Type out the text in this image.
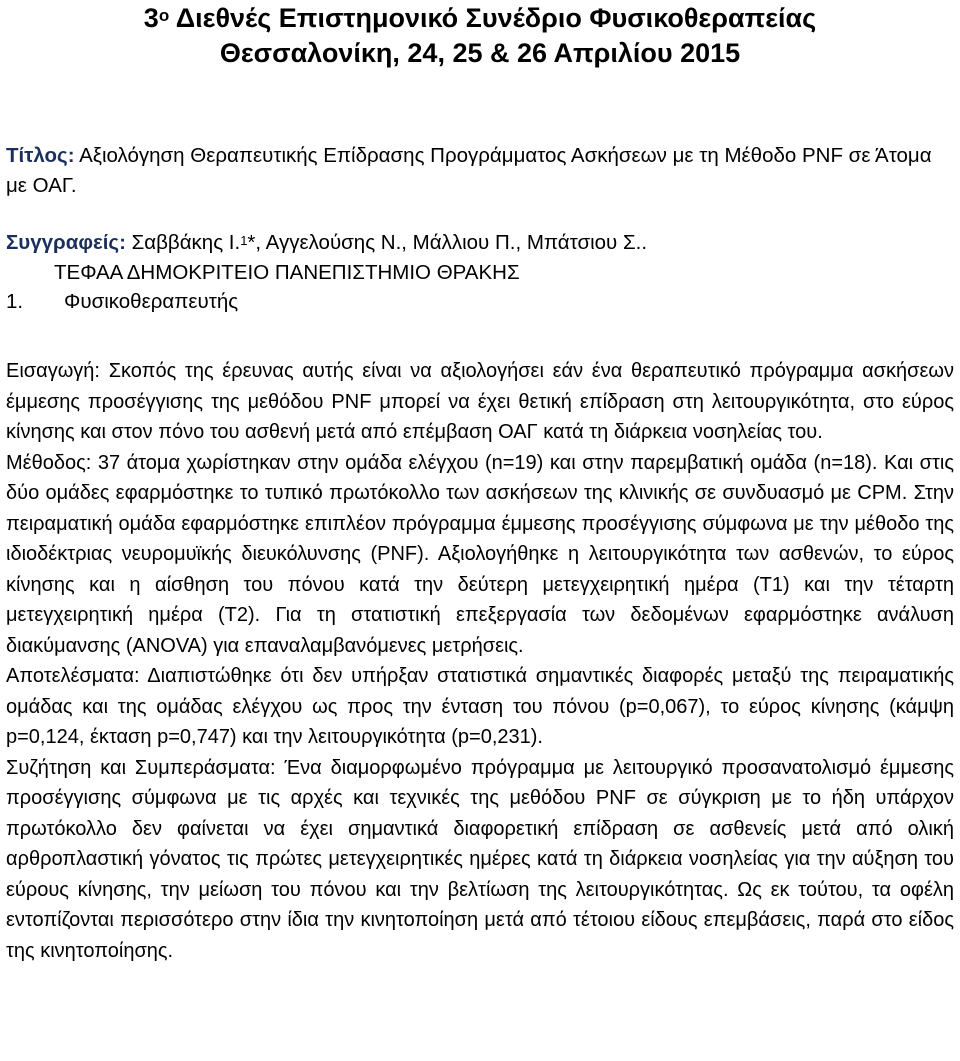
$3^o$ Διεθνές Επιστημονικό Συνέδριο Φυσικοθεραπείας
Θεσσαλονίκη, 24, 25 & 26 Απριλίου 2015
Τίτλος: Αξιολόγηση Θεραπευτικής Επίδρασης Προγράμματος Ασκήσεων με τη Μέθοδο PNF σε Άτομα με ΟΑΓ.
Συγγραφείς: Σαββάκης Ι.$^1$*, Αγγελούσης Ν., Μάλλιου Π., Μπάτσιου Σ..
ΤΕΦΑΑ ΔΗΜΟΚΡΙΤΕΙΟ ΠΑΝΕΠΙΣΤΗΜΙΟ ΘΡΑΚΗΣ
1. Φυσικοθεραπευτής

Εισαγωγή: Σκοπός της έρευνας αυτής είναι να αξιολογήσει εάν ένα θεραπευτικό πρόγραμμα ασκήσεων έμμεσης προσέγγισης της μεθόδου PNF μπορεί να έχει θετική επίδραση στη λειτουργικότητα, στο εύρος κίνησης και στον πόνο του ασθενή μετά από επέμβαση ΟΑΓ κατά τη διάρκεια νοσηλείας του.

Μέθοδος: 37 άτομα χωρίστηκαν στην ομάδα ελέγχου (n=19) και στην παρεμβατική ομάδα (n=18). Και στις δύο ομάδες εφαρμόστηκε το τυπικό πρωτόκολλο των ασκήσεων της κλινικής σε συνδυασμό με CPM. Στην πειραματική ομάδα εφαρμόστηκε επιπλέον πρόγραμμα έμμεσης προσέγγισης σύμφωνα με την μέθοδο της ιδιοδέκτριας νευρομυϊκής διευκόλυνσης (PNF). Αξιολογήθηκε η λειτουργικότητα των ασθενών, το εύρος κίνησης και η αίσθηση του πόνου κατά την δεύτερη μετεγχειρητική ημέρα (T1) και την τέταρτη μετεγχειρητική ημέρα (T2). Για τη στατιστική επεξεργασία των δεδομένων εφαρμόστηκε ανάλυση διακύμανσης (ANOVA) για επαναλαμβανόμενες μετρήσεις.

Αποτελέσματα: Διαπιστώθηκε ότι δεν υπήρξαν στατιστικά σημαντικές διαφορές μεταξύ της πειραματικής ομάδας και της ομάδας ελέγχου ως προς την ένταση του πόνου (p=0,067), το εύρος κίνησης (κάμψη p=0,124, έκταση p=0,747) και την λειτουργικότητα (p=0,231).

Συζήτηση και Συμπεράσματα: Ένα διαμορφωμένο πρόγραμμα με λειτουργικό προσανατολισμό έμμεσης προσέγγισης σύμφωνα με τις αρχές και τεχνικές της μεθόδου PNF σε σύγκριση με το ήδη υπάρχον πρωτόκολλο δεν φαίνεται να έχει σημαντικά διαφορετική επίδραση σε ασθενείς μετά από ολική αρθροπλαστική γόνατος τις πρώτες μετεγχειρητικές ημέρες κατά τη διάρκεια νοσηλείας για την αύξηση του εύρους κίνησης, την μείωση του πόνου και την βελτίωση της λειτουργικότητας. Ως εκ τούτου, τα οφέλη εντοπίζονται περισσότερο στην ίδια την κινητοποίηση μετά από τέτοιου είδους επεμβάσεις, παρά στο είδος της κινητοποίησης.
